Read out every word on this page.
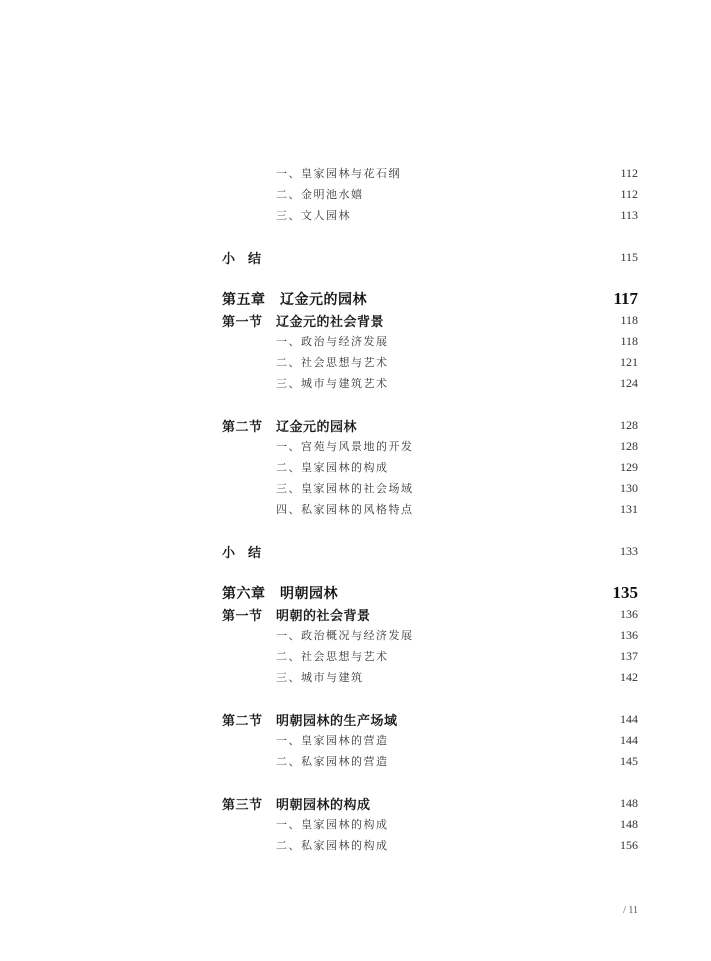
一、皇家园林与花石纲	112
二、金明池水嬉	112
三、文人园林	113
小结	115
第五章　辽金元的园林	117
第一节　辽金元的社会背景	118
一、政治与经济发展	118
二、社会思想与艺术	121
三、城市与建筑艺术	124
第二节　辽金元的园林	128
一、宫苑与风景地的开发	128
二、皇家园林的构成	129
三、皇家园林的社会场域	130
四、私家园林的风格特点	131
小结	133
第六章　明朝园林	135
第一节　明朝的社会背景	136
一、政治概况与经济发展	136
二、社会思想与艺术	137
三、城市与建筑	142
第二节　明朝园林的生产场域	144
一、皇家园林的营造	144
二、私家园林的营造	145
第三节　明朝园林的构成	148
一、皇家园林的构成	148
二、私家园林的构成	156
/ 11
